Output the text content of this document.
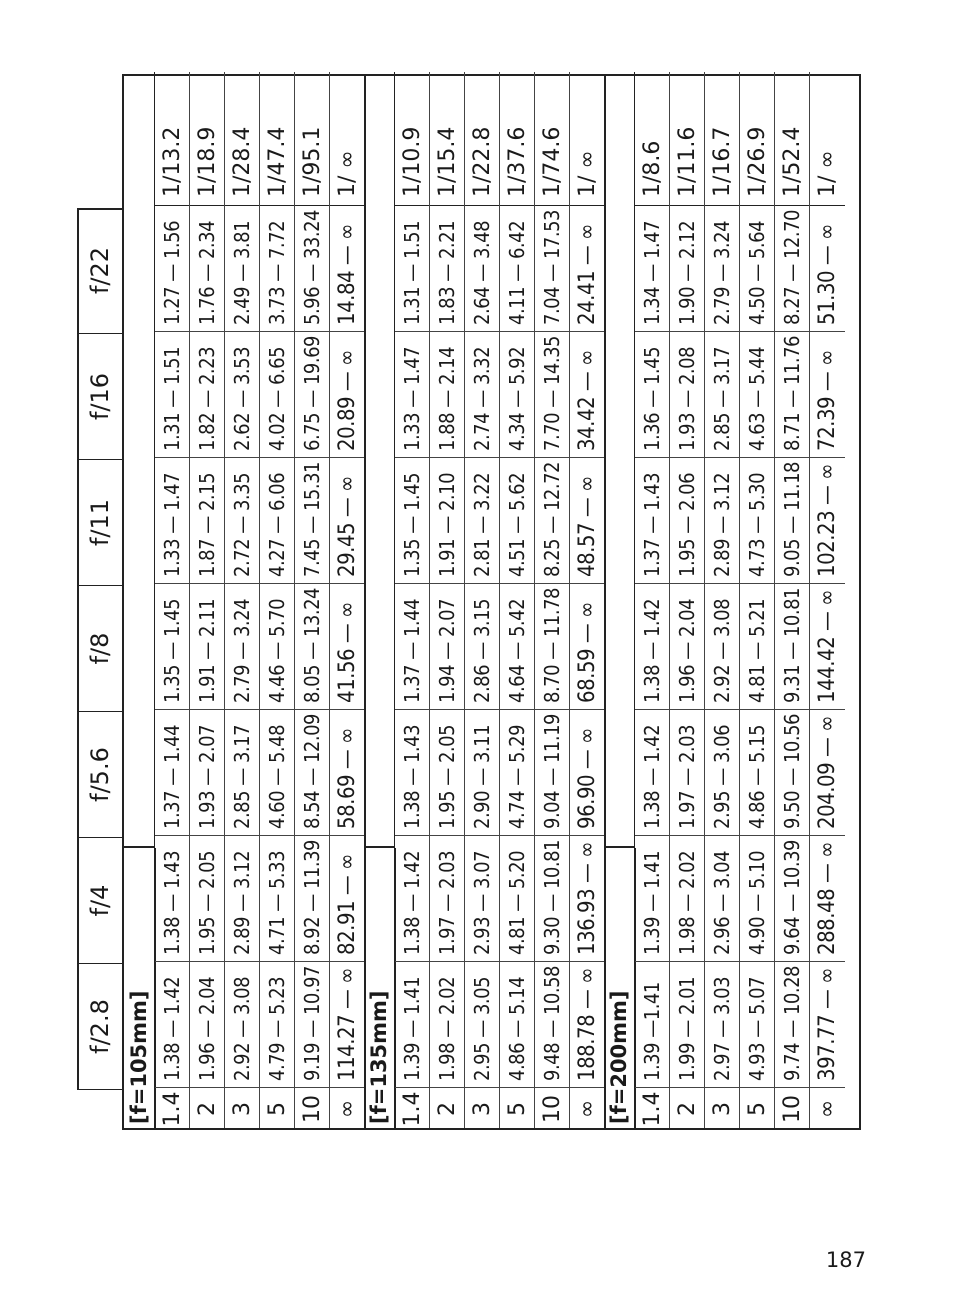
f/2.8
f/4
f/5.6
f/8
f/11
f/16
f/22
[f=105mm] 1.4
1.38 — 1.42
1.38 — 1.43
1.37 — 1.44
1.35 — 1.45
1.33 — 1.47
1.31 — 1.51
1.27 — 1.56
1/13.2
2
1.96 — 2.04
1.95 — 2.05
1.93 — 2.07
1.91 — 2.11
1.87 — 2.15
1.82 — 2.23
1.76 — 2.34
1/18.9
3
2.92 — 3.08
2.89 — 3.12
2.85 — 3.17
2.79 — 3.24
2.72 — 3.35
2.62 — 3.53
2.49 — 3.81
1/28.4
5
4.79 — 5.23
4.71 — 5.33
4.60 — 5.48
4.46 — 5.70
4.27 — 6.06
4.02 — 6.65
3.73 — 7.72
1/47.4
10
9.19 — 10.97
8.92 — 11.39
8.54 — 12.09
8.05 — 13.24
7.45 — 15.31
6.75 — 19.69
5.96 — 33.24
1/95.1
∞
114.27 — ∞
82.91 — ∞
58.69 — ∞
41.56 — ∞
29.45 — ∞
20.89 — ∞
14.84 — ∞
1/ ∞
[f=135mm] 1.4
1.39 — 1.41
1.38 — 1.42
1.38 — 1.43
1.37 — 1.44
1.35 — 1.45
1.33 — 1.47
1.31 — 1.51
1/10.9
2
1.98 — 2.02
1.97 — 2.03
1.95 — 2.05
1.94 — 2.07
1.91 — 2.10
1.88 — 2.14
1.83 — 2.21
1/15.4
3
2.95 — 3.05
2.93 — 3.07
2.90 — 3.11
2.86 — 3.15
2.81 — 3.22
2.74 — 3.32
2.64 — 3.48
1/22.8
5
4.86 — 5.14
4.81 — 5.20
4.74 — 5.29
4.64 — 5.42
4.51 — 5.62
4.34 — 5.92
4.11 — 6.42
1/37.6
10
9.48 — 10.58
9.30 — 10.81
9.04 — 11.19
8.70 — 11.78
8.25 — 12.72
7.70 — 14.35
7.04 — 17.53
1/74.6
∞
188.78 — ∞
136.93 — ∞
96.90 — ∞
68.59 — ∞
48.57 — ∞
34.42 — ∞
24.41 — ∞
1/ ∞
[f=200mm] 1.4
1.39 —1.41
1.39 — 1.41
1.38 — 1.42
1.38 — 1.42
1.37 — 1.43
1.36 — 1.45
1.34 — 1.47
1/8.6
2
1.99 — 2.01
1.98 — 2.02
1.97 — 2.03
1.96 — 2.04
1.95 — 2.06
1.93 — 2.08
1.90 — 2.12
1/11.6
3
2.97 — 3.03
2.96 — 3.04
2.95 — 3.06
2.92 — 3.08
2.89 — 3.12
2.85 — 3.17
2.79 — 3.24
1/16.7
5
4.93 — 5.07
4.90 — 5.10
4.86 — 5.15
4.81 — 5.21
4.73 — 5.30
4.63 — 5.44
4.50 — 5.64
1/26.9
10
9.74 — 10.28
9.64 — 10.39
9.50 — 10.56
9.31 — 10.81
9.05 — 11.18
8.71 — 11.76
8.27 — 12.70
1/52.4
∞
397.77 — ∞
288.48 — ∞
204.09 — ∞
144.42 — ∞
102.23 — ∞
72.39 — ∞
51.30 — ∞
1/ ∞
187
